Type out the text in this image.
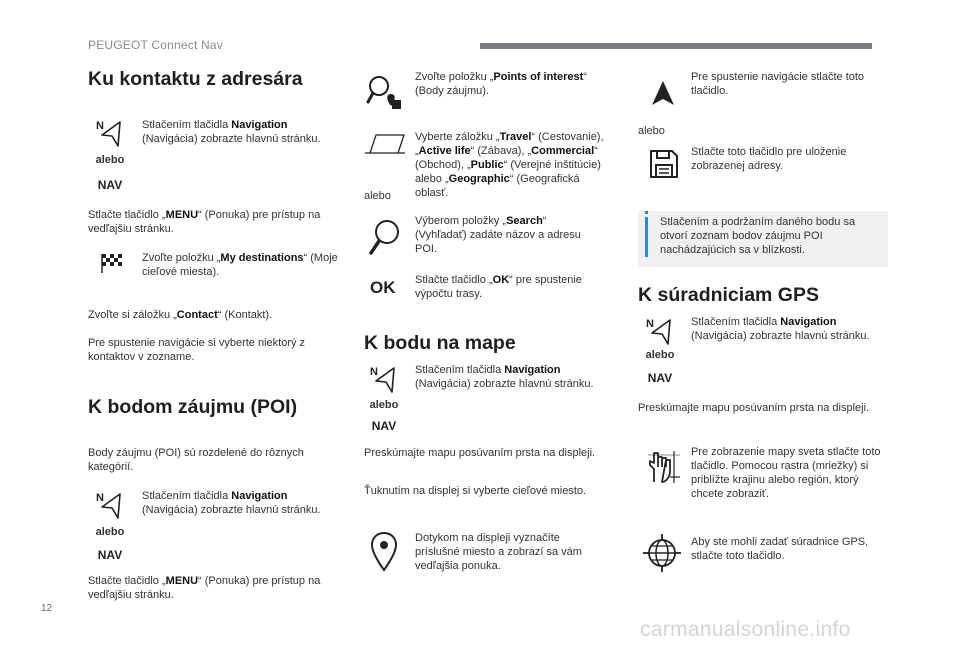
PEUGEOT Connect Nav
12
carmanualsonline.info
Ku kontaktu z adresára
N
alebo
NAV
Stlačením tlačidla Navigation (Navigácia) zobrazte hlavnú stránku.
Stlačte tlačidlo „MENU“ (Ponuka) pre prístup na vedľajšiu stránku.
Zvoľte položku „My destinations“ (Moje cieľové miesta).
Zvoľte si záložku „Contact“ (Kontakt).
Pre spustenie navigácie si vyberte niektorý z kontaktov v zozname.
K bodom záujmu (POI)
Body záujmu (POI) sú rozdelené do rôznych kategórií.
N
alebo
NAV
Stlačením tlačidla Navigation (Navigácia) zobrazte hlavnú stránku.
Stlačte tlačidlo „MENU“ (Ponuka) pre prístup na vedľajšiu stránku.
Zvoľte položku „Points of interest“ (Body záujmu).
alebo
Vyberte záložku „Travel“ (Cestovanie), „Active life“ (Zábava), „Commercial“ (Obchod), „Public“ (Verejné inštitúcie) alebo „Geographic“ (Geografická oblasť.
Výberom položky „Search“ (Vyhľadať) zadáte názov a adresu POI.
OK Stlačte tlačidlo „OK“ pre spustenie výpočtu trasy.
K bodu na mape
N
alebo
NAV
Stlačením tlačidla Navigation (Navigácia) zobrazte hlavnú stránku.
Preskúmajte mapu posúvaním prsta na displeji.
Ťuknutím na displej si vyberte cieľové miesto.
Dotykom na displeji vyznačíte príslušné miesto a zobrazí sa vám vedľajšia ponuka.
Pre spustenie navigácie stlačte toto tlačidlo.
alebo
Stlačte toto tlačidlo pre uloženie zobrazenej adresy.
Stlačením a podržaním daného bodu sa otvorí zoznam bodov záujmu POI nachádzajúcich sa v blízkosti.
K súradniciam GPS
N
alebo
NAV
Stlačením tlačidla Navigation (Navigácia) zobrazte hlavnú stránku.
Preskúmajte mapu posúvaním prsta na displeji.
Pre zobrazenie mapy sveta stlačte toto tlačidlo. Pomocou rastra (mriežky) si priblížte krajinu alebo región, ktorý chcete zobraziť.
Aby ste mohli zadať súradnice GPS, stlačte toto tlačidlo.
